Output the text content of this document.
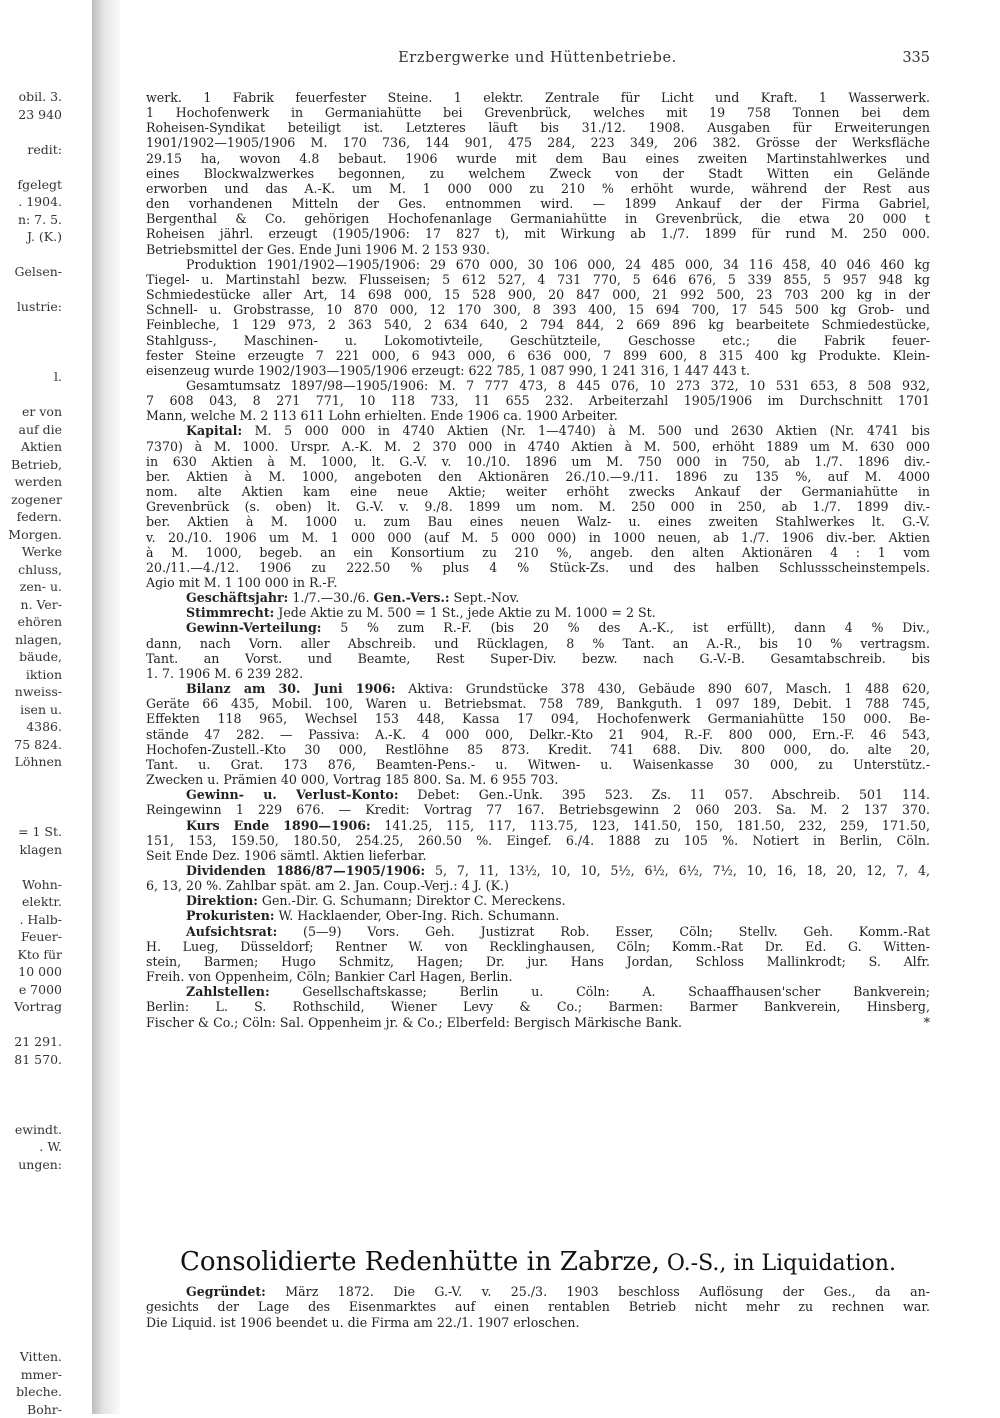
obil. 3.
23 940
redit:
fgelegt
. 1904.
n: 7. 5.
J. (K.)
Gelsen-
lustrie:
l.
er von
auf die
Aktien
Betrieb,
werden
zogener
federn.
Morgen.
Werke
chluss,
zen- u.
n. Ver-
ehören
nlagen,
bäude,
iktion
nweiss-
isen u.
4386.
75 824.
Löhnen
= 1 St.
klagen
Wohn-
elektr.
. Halb-
Feuer-
Kto für
10 000
e 7000
Vortrag
21 291.
81 570.
ewindt.
. W.
ungen:
Vitten.
mmer-
bleche.
Bohr-
Erzbergwerke und Hüttenbetriebe.	335

werk. 1 Fabrik feuerfester Steine. 1 elektr. Zentrale für Licht und Kraft. 1 Wasserwerk.

1 Hochofenwerk in Germaniahütte bei Grevenbrück, welches mit 19 758 Tonnen bei dem

Roheisen-Syndikat beteiligt ist. Letzteres läuft bis 31./12. 1908. Ausgaben für Erweiterungen

1901/1902—1905/1906 M. 170 736, 144 901, 475 284, 223 349, 206 382. Grösse der Werksfläche

29.15 ha, wovon 4.8 bebaut. 1906 wurde mit dem Bau eines zweiten Martinstahlwerkes und

eines Blockwalzwerkes begonnen, zu welchem Zweck von der Stadt Witten ein Gelände

erworben und das A.-K. um M. 1 000 000 zu 210 % erhöht wurde, während der Rest aus

den vorhandenen Mitteln der Ges. entnommen wird. — 1899 Ankauf der der Firma Gabriel,

Bergenthal & Co. gehörigen Hochofenanlage Germaniahütte in Grevenbrück, die etwa 20 000 t

Roheisen jährl. erzeugt (1905/1906: 17 827 t), mit Wirkung ab 1./7. 1899 für rund M. 250 000.

Betriebsmittel der Ges. Ende Juni 1906 M. 2 153 930.

Produktion 1901/1902—1905/1906: 29 670 000, 30 106 000, 24 485 000, 34 116 458, 40 046 460 kg

Tiegel- u. Martinstahl bezw. Flusseisen; 5 612 527, 4 731 770, 5 646 676, 5 339 855, 5 957 948 kg

Schmiedestücke aller Art, 14 698 000, 15 528 900, 20 847 000, 21 992 500, 23 703 200 kg in der

Schnell- u. Grobstrasse, 10 870 000, 12 170 300, 8 393 400, 15 694 700, 17 545 500 kg Grob- und

Feinbleche, 1 129 973, 2 363 540, 2 634 640, 2 794 844, 2 669 896 kg bearbeitete Schmiedestücke,

Stahlguss-, Maschinen- u. Lokomotivteile, Geschützteile, Geschosse etc.; die Fabrik feuer-

fester Steine erzeugte 7 221 000, 6 943 000, 6 636 000, 7 899 600, 8 315 400 kg Produkte. Klein-

eisenzeug wurde 1902/1903—1905/1906 erzeugt: 622 785, 1 087 990, 1 241 316, 1 447 443 t.

Gesamtumsatz 1897/98—1905/1906: M. 7 777 473, 8 445 076, 10 273 372, 10 531 653, 8 508 932,

7 608 043, 8 271 771, 10 118 733, 11 655 232. Arbeiterzahl 1905/1906 im Durchschnitt 1701

Mann, welche M. 2 113 611 Lohn erhielten. Ende 1906 ca. 1900 Arbeiter.

Kapital: M. 5 000 000 in 4740 Aktien (Nr. 1—4740) à M. 500 und 2630 Aktien (Nr. 4741 bis

7370) à M. 1000. Urspr. A.-K. M. 2 370 000 in 4740 Aktien à M. 500, erhöht 1889 um M. 630 000

in 630 Aktien à M. 1000, lt. G.-V. v. 10./10. 1896 um M. 750 000 in 750, ab 1./7. 1896 div.-

ber. Aktien à M. 1000, angeboten den Aktionären 26./10.—9./11. 1896 zu 135 %, auf M. 4000

nom. alte Aktien kam eine neue Aktie; weiter erhöht zwecks Ankauf der Germaniahütte in

Grevenbrück (s. oben) lt. G.-V. v. 9./8. 1899 um nom. M. 250 000 in 250, ab 1./7. 1899 div.-

ber. Aktien à M. 1000 u. zum Bau eines neuen Walz- u. eines zweiten Stahlwerkes lt. G.-V.

v. 20./10. 1906 um M. 1 000 000 (auf M. 5 000 000) in 1000 neuen, ab 1./7. 1906 div.-ber. Aktien

à M. 1000, begeb. an ein Konsortium zu 210 %, angeb. den alten Aktionären 4 : 1 vom

20./11.—4./12. 1906 zu 222.50 % plus 4 % Stück-Zs. und des halben Schlussscheinstempels.

Agio mit M. 1 100 000 in R.-F.

Geschäftsjahr: 1./7.—30./6. Gen.-Vers.: Sept.-Nov.

Stimmrecht: Jede Aktie zu M. 500 = 1 St., jede Aktie zu M. 1000 = 2 St.

Gewinn-Verteilung: 5 % zum R.-F. (bis 20 % des A.-K., ist erfüllt), dann 4 % Div.,

dann, nach Vorn. aller Abschreib. und Rücklagen, 8 % Tant. an A.-R., bis 10 % vertragsm.

Tant. an Vorst. und Beamte, Rest Super-Div. bezw. nach G.-V.-B. Gesamtabschreib. bis

1. 7. 1906 M. 6 239 282.

Bilanz am 30. Juni 1906: Aktiva: Grundstücke 378 430, Gebäude 890 607, Masch. 1 488 620,

Geräte 66 435, Mobil. 100, Waren u. Betriebsmat. 758 789, Bankguth. 1 097 189, Debit. 1 788 745,

Effekten 118 965, Wechsel 153 448, Kassa 17 094, Hochofenwerk Germaniahütte 150 000. Be-

stände 47 282. — Passiva: A.-K. 4 000 000, Delkr.-Kto 21 904, R.-F. 800 000, Ern.-F. 46 543,

Hochofen-Zustell.-Kto 30 000, Restlöhne 85 873. Kredit. 741 688. Div. 800 000, do. alte 20,

Tant. u. Grat. 173 876, Beamten-Pens.- u. Witwen- u. Waisenkasse 30 000, zu Unterstütz.-

Zwecken u. Prämien 40 000, Vortrag 185 800. Sa. M. 6 955 703.

Gewinn- u. Verlust-Konto: Debet: Gen.-Unk. 395 523. Zs. 11 057. Abschreib. 501 114.

Reingewinn 1 229 676. — Kredit: Vortrag 77 167. Betriebsgewinn 2 060 203. Sa. M. 2 137 370.

Kurs Ende 1890—1906: 141.25, 115, 117, 113.75, 123, 141.50, 150, 181.50, 232, 259, 171.50,

151, 153, 159.50, 180.50, 254.25, 260.50 %. Eingef. 6./4. 1888 zu 105 %. Notiert in Berlin, Cöln.

Seit Ende Dez. 1906 sämtl. Aktien lieferbar.

Dividenden 1886/87—1905/1906: 5, 7, 11, 13½, 10, 10, 5½, 6½, 6½, 7½, 10, 16, 18, 20, 12, 7, 4,

6, 13, 20 %. Zahlbar spät. am 2. Jan. Coup.-Verj.: 4 J. (K.)

Direktion: Gen.-Dir. G. Schumann; Direktor C. Mereckens.

Prokuristen: W. Hacklaender, Ober-Ing. Rich. Schumann.

Aufsichtsrat: (5—9) Vors. Geh. Justizrat Rob. Esser, Cöln; Stellv. Geh. Komm.-Rat

H. Lueg, Düsseldorf; Rentner W. von Recklinghausen, Cöln; Komm.-Rat Dr. Ed. G. Witten-

stein, Barmen; Hugo Schmitz, Hagen; Dr. jur. Hans Jordan, Schloss Mallinkrodt; S. Alfr.

Freih. von Oppenheim, Cöln; Bankier Carl Hagen, Berlin.

Zahlstellen: Gesellschaftskasse; Berlin u. Cöln: A. Schaaffhausen'scher Bankverein;

Berlin: L. S. Rothschild, Wiener Levy & Co.; Barmen: Barmer Bankverein, Hinsberg,

Fischer & Co.; Cöln: Sal. Oppenheim jr. & Co.; Elberfeld: Bergisch Märkische Bank.	*

Consolidierte Redenhütte in Zabrze, O.-S., in Liquidation.

Gegründet: März 1872. Die G.-V. v. 25./3. 1903 beschloss Auflösung der Ges., da an-

gesichts der Lage des Eisenmarktes auf einen rentablen Betrieb nicht mehr zu rechnen war.

Die Liquid. ist 1906 beendet u. die Firma am 22./1. 1907 erloschen.
